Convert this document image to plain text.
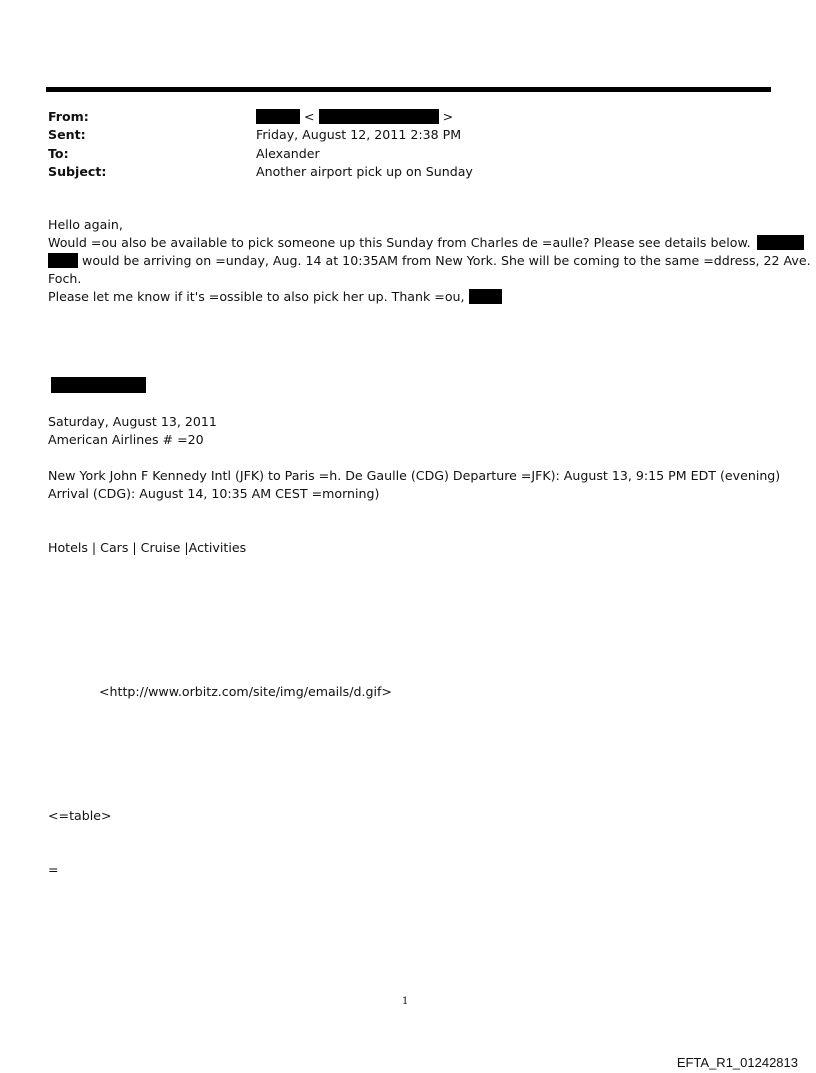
From:
Sent:
To:
Subject:
<	>
Friday, August 12, 2011 2:38 PM
Alexander
Another airport pick up on Sunday
Hello again,
Would =ou also be available to pick someone up this Sunday from Charles de =aulle? Please see details below.
would be arriving on =unday, Aug. 14 at 10:35AM from New York. She will be coming to the same =ddress, 22 Ave.
Foch.
Please let me know if it's =ossible to also pick her up. Thank =ou,
Saturday, August 13, 2011
American Airlines # =20
New York John F Kennedy Intl (JFK) to Paris =h. De Gaulle (CDG) Departure =JFK): August 13, 9:15 PM EDT (evening)
Arrival (CDG): August 14, 10:35 AM CEST =morning)
Hotels | Cars | Cruise |Activities
<http://www.orbitz.com/site/img/emails/d.gif>
<=table>
=
1
EFTA_R1_01242813
